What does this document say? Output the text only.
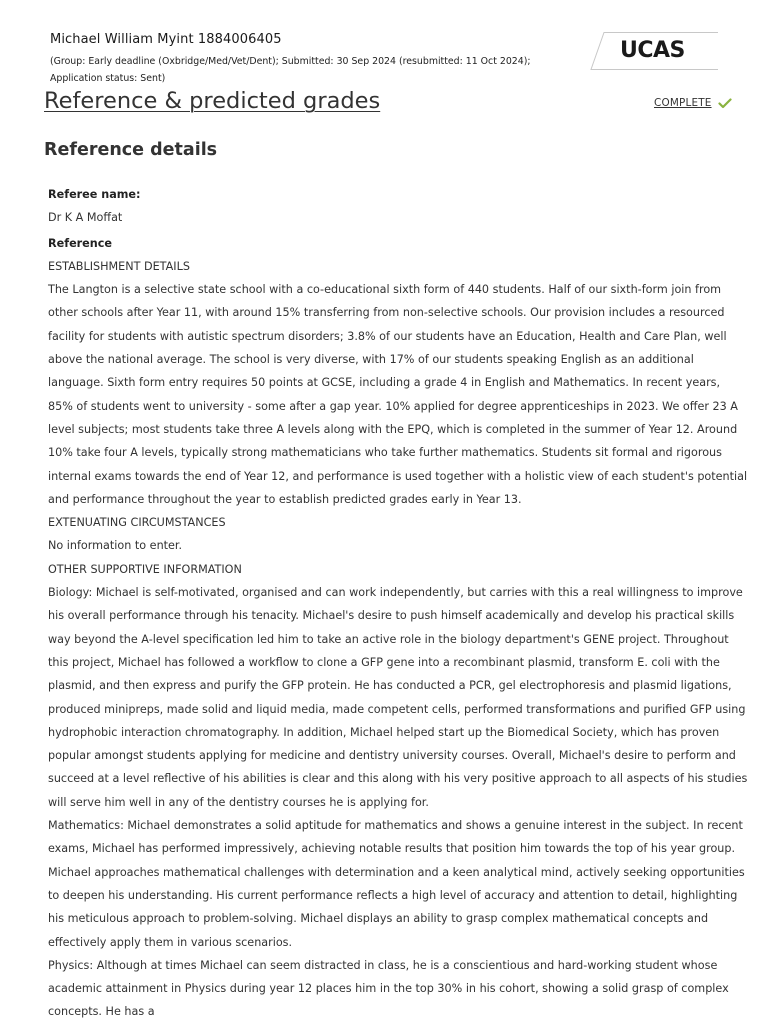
Michael William Myint 1884006405
(Group: Early deadline (Oxbridge/Med/Vet/Dent); Submitted: 30 Sep 2024 (resubmitted: 11 Oct 2024); Application status: Sent)
UCAS
Reference & predicted grades	COMPLETE
Reference details

Referee name:

Dr K A Moffat

Reference

ESTABLISHMENT DETAILS

The Langton is a selective state school with a co-educational sixth form of 440 students. Half of our sixth-form join from other schools after Year 11, with around 15% transferring from non-selective schools. Our provision includes a resourced facility for students with autistic spectrum disorders; 3.8% of our students have an Education, Health and Care Plan, well above the national average. The school is very diverse, with 17% of our students speaking English as an additional language. Sixth form entry requires 50 points at GCSE, including a grade 4 in English and Mathematics. In recent years, 85% of students went to university - some after a gap year. 10% applied for degree apprenticeships in 2023. We offer 23 A level subjects; most students take three A levels along with the EPQ, which is completed in the summer of Year 12. Around 10% take four A levels, typically strong mathematicians who take further mathematics. Students sit formal and rigorous internal exams towards the end of Year 12, and performance is used together with a holistic view of each student's potential and performance throughout the year to establish predicted grades early in Year 13.

EXTENUATING CIRCUMSTANCES

No information to enter.

OTHER SUPPORTIVE INFORMATION

Biology: Michael is self-motivated, organised and can work independently, but carries with this a real willingness to improve his overall performance through his tenacity. Michael's desire to push himself academically and develop his practical skills way beyond the A-level specification led him to take an active role in the biology department's GENE project. Throughout this project, Michael has followed a workflow to clone a GFP gene into a recombinant plasmid, transform E. coli with the plasmid, and then express and purify the GFP protein. He has conducted a PCR, gel electrophoresis and plasmid ligations, produced minipreps, made solid and liquid media, made competent cells, performed transformations and purified GFP using hydrophobic interaction chromatography. In addition, Michael helped start up the Biomedical Society, which has proven popular amongst students applying for medicine and dentistry university courses. Overall, Michael's desire to perform and succeed at a level reflective of his abilities is clear and this along with his very positive approach to all aspects of his studies will serve him well in any of the dentistry courses he is applying for.

Mathematics: Michael demonstrates a solid aptitude for mathematics and shows a genuine interest in the subject. In recent exams, Michael has performed impressively, achieving notable results that position him towards the top of his year group. Michael approaches mathematical challenges with determination and a keen analytical mind, actively seeking opportunities to deepen his understanding. His current performance reflects a high level of accuracy and attention to detail, highlighting his meticulous approach to problem-solving. Michael displays an ability to grasp complex mathematical concepts and effectively apply them in various scenarios.

Physics: Although at times Michael can seem distracted in class, he is a conscientious and hard-working student whose academic attainment in Physics during year 12 places him in the top 30% in his cohort, showing a solid grasp of complex concepts. He has a
